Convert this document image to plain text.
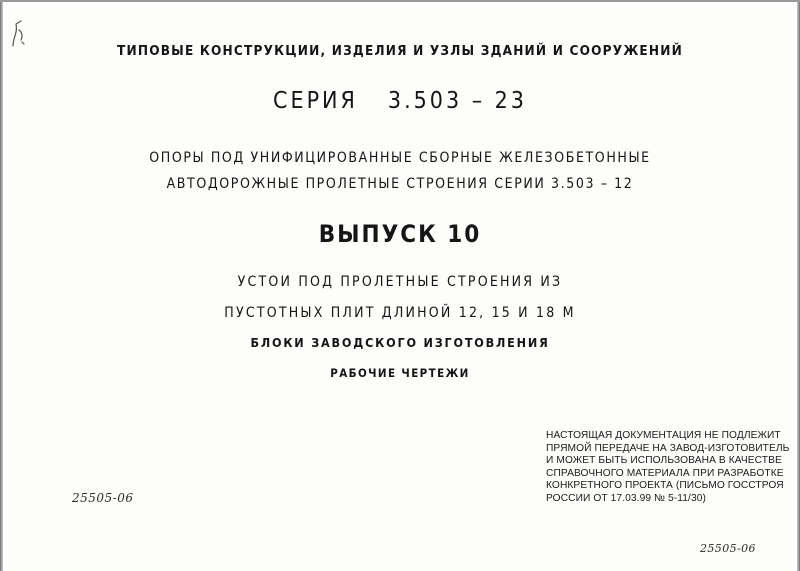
ТИПОВЫЕ КОНСТРУКЦИИ, ИЗДЕЛИЯ И УЗЛЫ ЗДАНИЙ И СООРУЖЕНИЙ
СЕРИЯ 3.503 – 23
ОПОРЫ ПОД УНИФИЦИРОВАННЫЕ СБОРНЫЕ ЖЕЛЕЗОБЕТОННЫЕ
АВТОДОРОЖНЫЕ ПРОЛЕТНЫЕ СТРОЕНИЯ СЕРИИ 3.503 – 12
ВЫПУСК 10
УСТОИ ПОД ПРОЛЕТНЫЕ СТРОЕНИЯ ИЗ
ПУСТОТНЫХ ПЛИТ ДЛИНОЙ 12, 15 И 18 М
БЛОКИ ЗАВОДСКОГО ИЗГОТОВЛЕНИЯ
РАБОЧИЕ ЧЕРТЕЖИ
НАСТОЯЩАЯ ДОКУМЕНТАЦИЯ НЕ ПОДЛЕЖИТ
ПРЯМОЙ ПЕРЕДАЧЕ НА ЗАВОД-ИЗГОТОВИТЕЛЬ
И МОЖЕТ БЫТЬ ИСПОЛЬЗОВАНА В КАЧЕСТВЕ
СПРАВОЧНОГО МАТЕРИАЛА ПРИ РАЗРАБОТКЕ
КОНКРЕТНОГО ПРОЕКТА (ПИСЬМО ГОССТРОЯ
РОССИИ ОТ 17.03.99 № 5-11/30)
25505-06
25505-06
